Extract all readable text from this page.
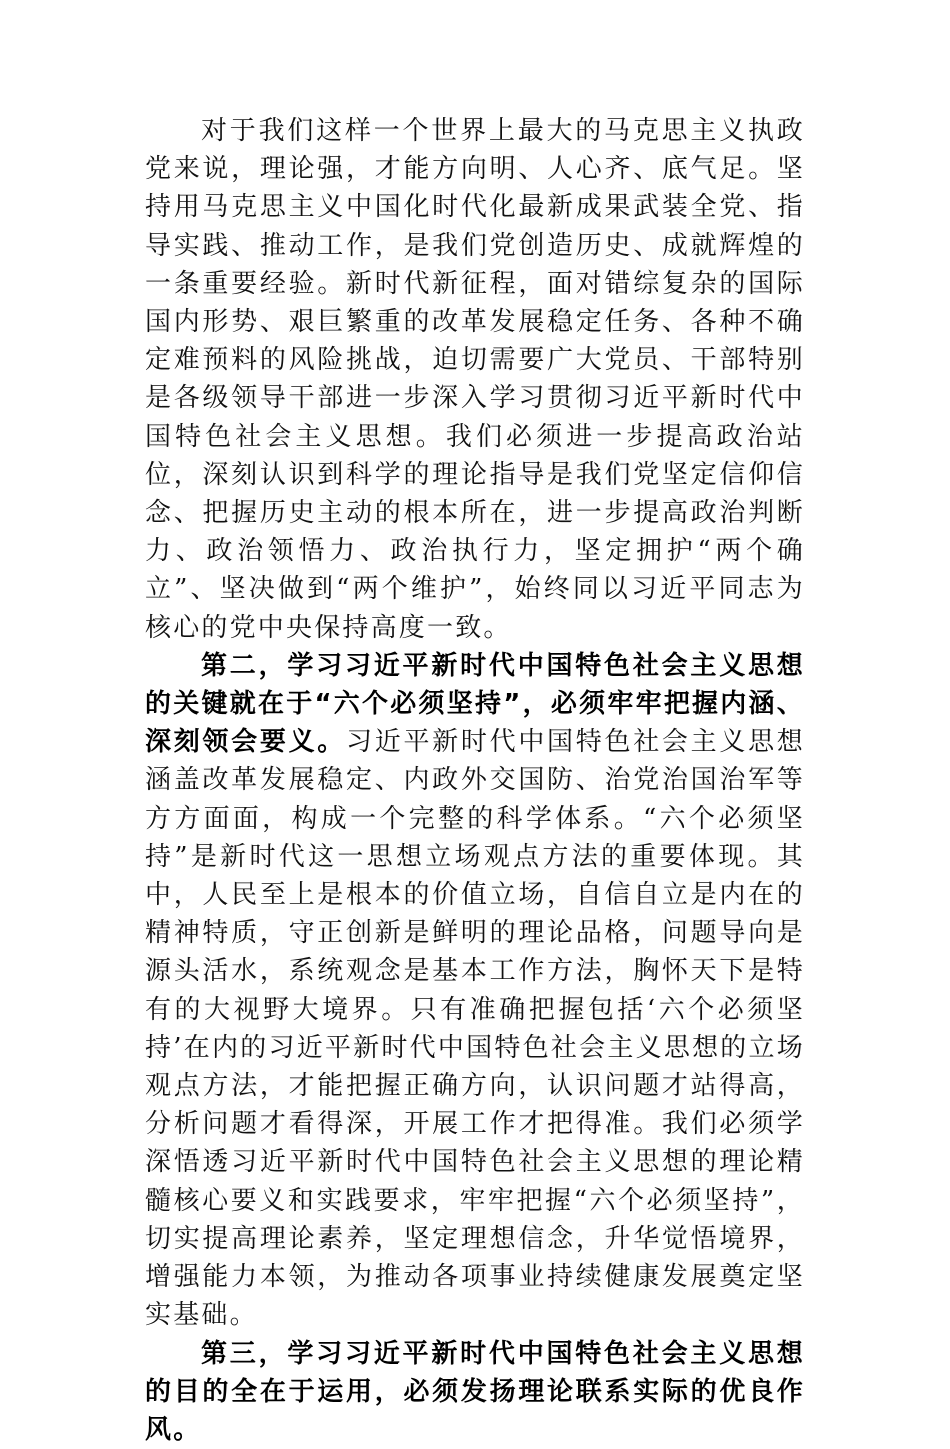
对于我们这样一个世界上最大的马克思主义执政党来说，理论强，才能方向明、人心齐、底气足。坚持用马克思主义中国化时代化最新成果武装全党、指导实践、推动工作，是我们党创造历史、成就辉煌的一条重要经验。新时代新征程，面对错综复杂的国际国内形势、艰巨繁重的改革发展稳定任务、各种不确定难预料的风险挑战，迫切需要广大党员、干部特别是各级领导干部进一步深入学习贯彻习近平新时代中国特色社会主义思想。我们必须进一步提高政治站位，深刻认识到科学的理论指导是我们党坚定信仰信念、把握历史主动的根本所在，进一步提高政治判断力、政治领悟力、政治执行力，坚定拥护“两个确立”、坚决做到“两个维护”，始终同以习近平同志为核心的党中央保持高度一致。

第二，学习习近平新时代中国特色社会主义思想的关键就在于“六个必须坚持”，必须牢牢把握内涵、深刻领会要义。习近平新时代中国特色社会主义思想涵盖改革发展稳定、内政外交国防、治党治国治军等方方面面，构成一个完整的科学体系。“六个必须坚持”是新时代这一思想立场观点方法的重要体现。其中，人民至上是根本的价值立场，自信自立是内在的精神特质，守正创新是鲜明的理论品格，问题导向是源头活水，系统观念是基本工作方法，胸怀天下是特有的大视野大境界。只有准确把握包括‘六个必须坚持’在内的习近平新时代中国特色社会主义思想的立场观点方法，才能把握正确方向，认识问题才站得高，分析问题才看得深，开展工作才把得准。我们必须学深悟透习近平新时代中国特色社会主义思想的理论精髓核心要义和实践要求，牢牢把握“六个必须坚持”，切实提高理论素养，坚定理想信念，升华觉悟境界，增强能力本领，为推动各项事业持续健康发展奠定坚实基础。

第三，学习习近平新时代中国特色社会主义思想的目的全在于运用，必须发扬理论联系实际的优良作风。
